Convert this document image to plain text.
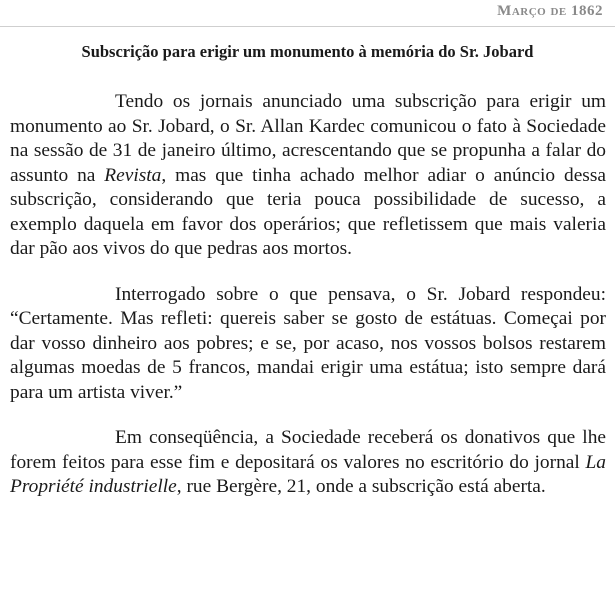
Março de 1862
Subscrição para erigir um monumento à memória do Sr. Jobard

Tendo os jornais anunciado uma subscrição para erigir um monumento ao Sr. Jobard, o Sr. Allan Kardec comunicou o fato à Sociedade na sessão de 31 de janeiro último, acrescentando que se propunha a falar do assunto na Revista, mas que tinha achado melhor adiar o anúncio dessa subscrição, considerando que teria pouca possibilidade de sucesso, a exemplo daquela em favor dos operários; que refletissem que mais valeria dar pão aos vivos do que pedras aos mortos.

Interrogado sobre o que pensava, o Sr. Jobard respondeu: “Certamente. Mas refleti: quereis saber se gosto de estátuas. Começai por dar vosso dinheiro aos pobres; e se, por acaso, nos vossos bolsos restarem algumas moedas de 5 francos, mandai erigir uma estátua; isto sempre dará para um artista viver.”

Em conseqüência, a Sociedade receberá os donativos que lhe forem feitos para esse fim e depositará os valores no escritório do jornal La Propriété industrielle, rue Bergère, 21, onde a subscrição está aberta.
